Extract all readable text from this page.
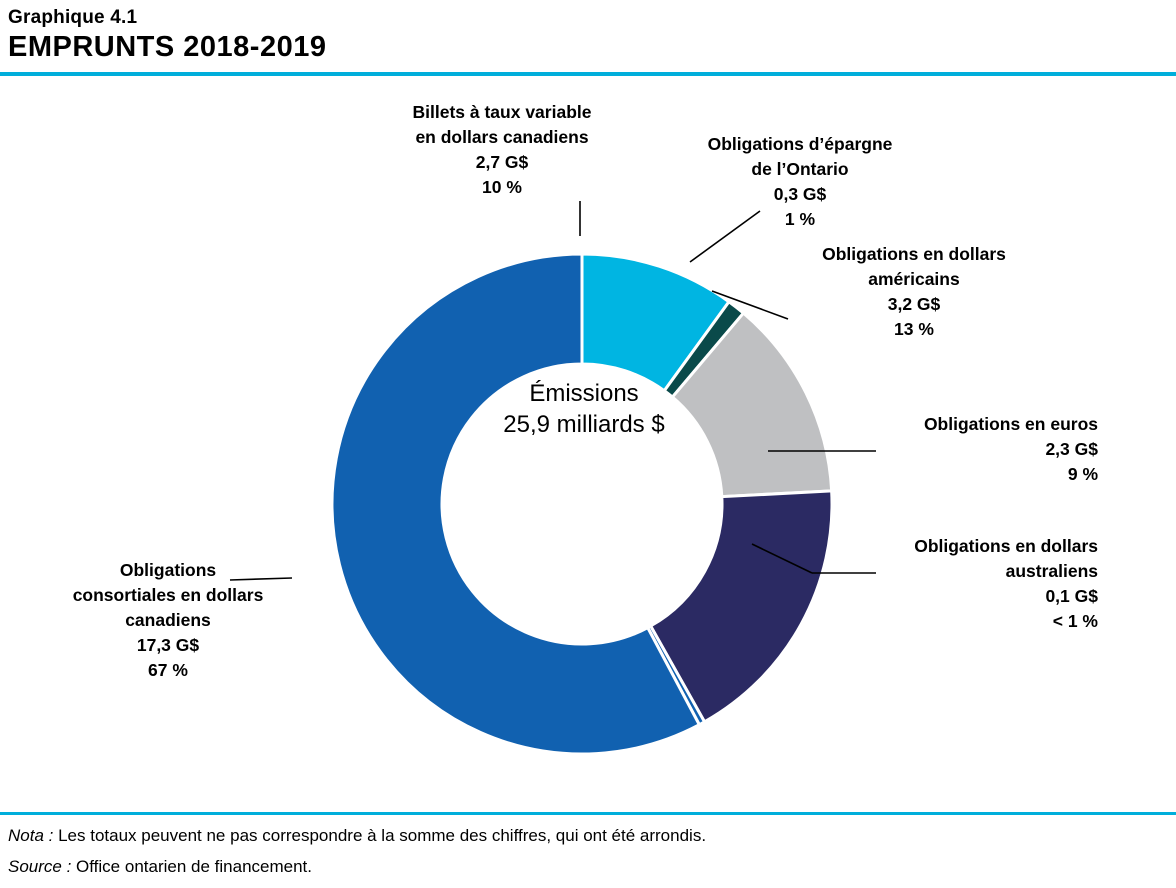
Graphique 4.1
EMPRUNTS 2018-2019
Billets à taux variable
en dollars canadiens
2,7 G$
10 %
Obligations d’épargne
de l’Ontario
0,3 G$
1 %
Obligations en dollars
américains
3,2 G$
13 %
Obligations en euros
2,3 G$
9 %
Obligations en dollars
australiens
0,1 G$
< 1 %
Obligations
consortiales en dollars
canadiens
17,3 G$
67 %
Émissions
25,9 milliards $
Nota : Les totaux peuvent ne pas correspondre à la somme des chiffres, qui ont été arrondis.
Source : Office ontarien de financement.
